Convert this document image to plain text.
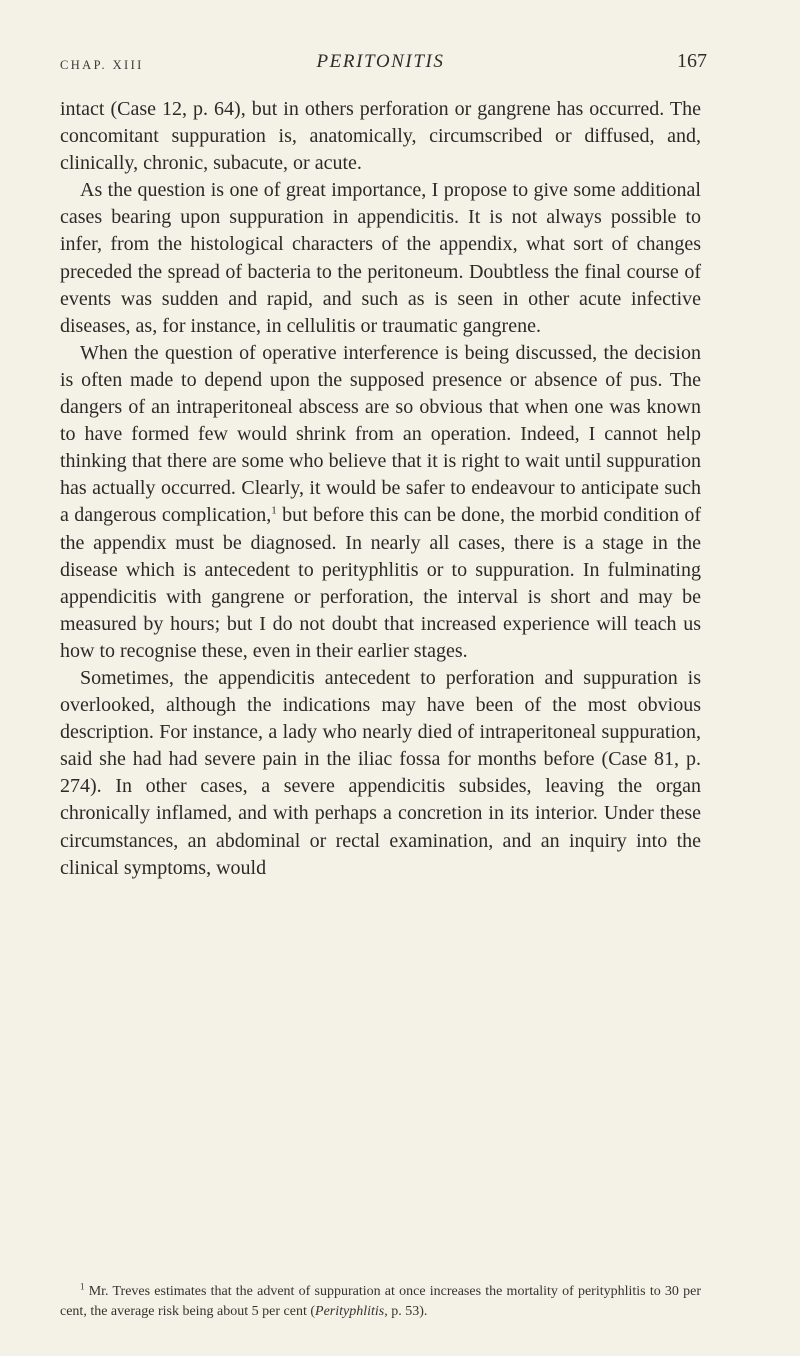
CHAP. XIII	PERITONITIS	167

intact (Case 12, p. 64), but in others perforation or gangrene has occurred. The concomitant suppuration is, anatomically, circumscribed or diffused, and, clinically, chronic, subacute, or acute.

As the question is one of great importance, I propose to give some additional cases bearing upon suppuration in appendicitis. It is not always possible to infer, from the histological characters of the appendix, what sort of changes preceded the spread of bacteria to the peritoneum. Doubtless the final course of events was sudden and rapid, and such as is seen in other acute infective diseases, as, for instance, in cellulitis or traumatic gangrene.

When the question of operative interference is being discussed, the decision is often made to depend upon the supposed presence or absence of pus. The dangers of an intraperitoneal abscess are so obvious that when one was known to have formed few would shrink from an operation. Indeed, I cannot help thinking that there are some who believe that it is right to wait until suppuration has actually occurred. Clearly, it would be safer to endeavour to anticipate such a dangerous complication,$^1$ but before this can be done, the morbid condition of the appendix must be diagnosed. In nearly all cases, there is a stage in the disease which is antecedent to perityphlitis or to suppuration. In fulminating appendicitis with gangrene or perforation, the interval is short and may be measured by hours; but I do not doubt that increased experience will teach us how to recognise these, even in their earlier stages.

Sometimes, the appendicitis antecedent to perforation and suppuration is overlooked, although the indications may have been of the most obvious description. For instance, a lady who nearly died of intraperitoneal suppuration, said she had had severe pain in the iliac fossa for months before (Case 81, p. 274). In other cases, a severe appendicitis subsides, leaving the organ chronically inflamed, and with perhaps a concretion in its interior. Under these circumstances, an abdominal or rectal examination, and an inquiry into the clinical symptoms, would

$^1$ Mr. Treves estimates that the advent of suppuration at once increases the mortality of perityphlitis to 30 per cent, the average risk being about 5 per cent (Perityphlitis, p. 53).
